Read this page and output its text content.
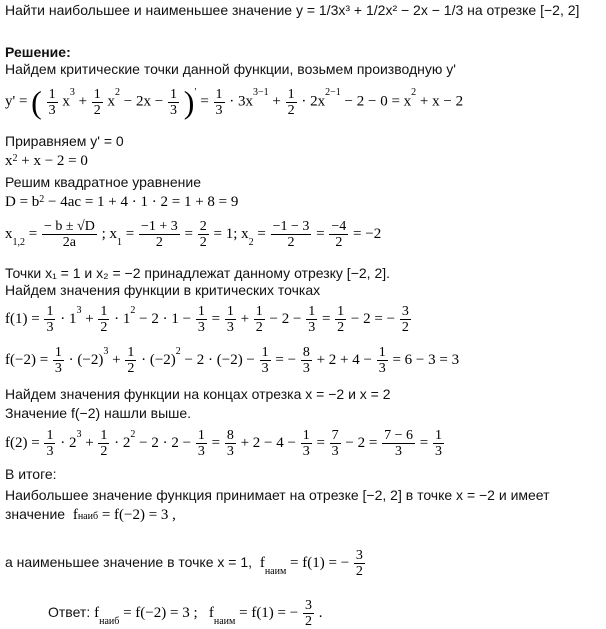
Найти наибольшее и наименьшее значение y = 1/3x³ + 1/2x² − 2x − 1/3 на отрезке [−2, 2]
Решение:
Найдем критические точки данной функции, возьмем производную y'
y' = ( $\frac{1}{3} x^3 + \frac{1}{2} x^2 - 2x - \frac{1}{3} )' = \frac{1}{3} \cdot 3x^{3-1} + \frac{1}{2} \cdot 2x^{2-1} - 2 - 0 = x^2 + x - 2$
Приравняем y' = 0
$x^2 + x - 2 = 0$
Решим квадратное уравнение
$D = b^2 - 4ac = 1 + 4 \cdot 1 \cdot 2 = 1 + 8 = 9$
$x_{1,2} = \frac{- b \pm √D}{2a}$ ; $x_1 = \frac{-1 + 3}{2} = \frac{2}{2} = 1$; $x_2 = \frac{-1 - 3}{2} = \frac{-4}{2} = -2$
Точки x₁ = 1 и x₂ = −2 принадлежат данному отрезку [−2, 2].
Найдем значения функции в критических точках
$f(1) = \frac{1}{3} \cdot 1^3 + \frac{1}{2} \cdot 1^2 - 2 \cdot 1 - \frac{1}{3} = \frac{1}{3} + \frac{1}{2} - 2 - \frac{1}{3} = \frac{1}{2} - 2$ = − $\frac{3}{2}$
$f(-2) = \frac{1}{3} \cdot (-2)^3 + \frac{1}{2} \cdot (-2)^2 - 2 \cdot (-2) - \frac{1}{3}$ = − $\frac{8}{3} + 2 + 4 - \frac{1}{3} = 6 - 3 = 3$
Найдем значения функции на концах отрезка x = −2 и x = 2
Значение f(−2) нашли выше.
$f(2) = \frac{1}{3} \cdot 2^3 + \frac{1}{2} \cdot 2^2 - 2 \cdot 2 - \frac{1}{3} = \frac{8}{3} + 2 - 4 - \frac{1}{3} = \frac{7}{3} - 2 = \frac{7 - 6}{3} = \frac{1}{3}$
В итоге:
Наибольшее значение функция принимает на отрезке [−2, 2] в точке x = −2 и имеет
значение $f_{наиб} = f(-2) = 3$ ,
а наименьшее значение в точке x = 1, $f_{наим} = f(1)$ = − $\frac{3}{2}$
Ответ: $f_{наиб} = f(-2) = 3$ ; $f_{наим} = f(1)$ = − $\frac{3}{2}$ .
